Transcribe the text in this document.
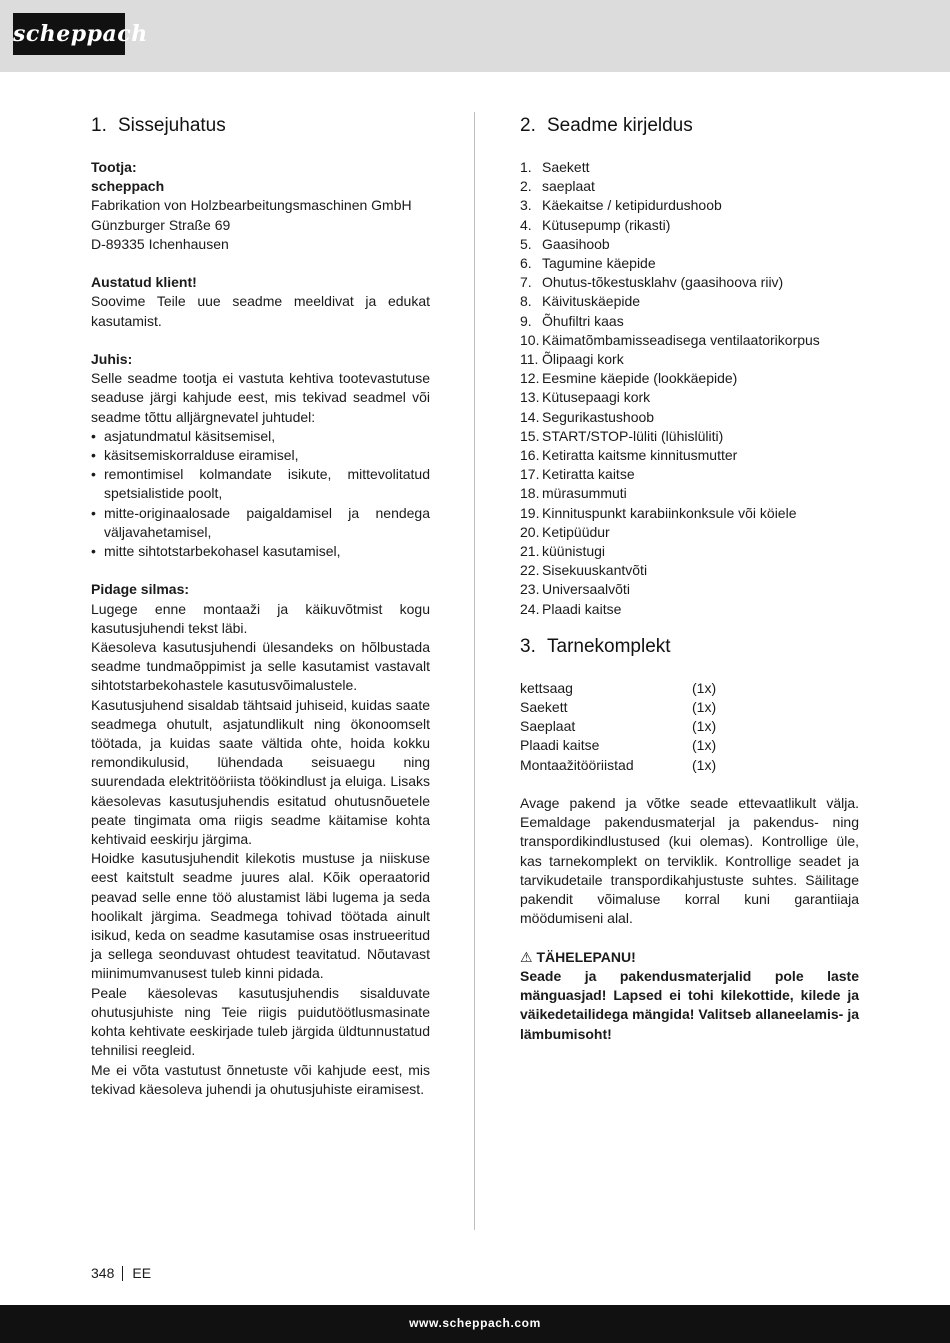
scheppach
1. Sissejuhatus
Tootja:
scheppach
Fabrikation von Holzbearbeitungsmaschinen GmbH
Günzburger Straße 69
D-89335 Ichenhausen
Austatud klient!
Soovime Teile uue seadme meeldivat ja edukat kasutamist.
Juhis:
Selle seadme tootja ei vastuta kehtiva tootevastutuse seaduse järgi kahjude eest, mis tekivad seadmel või seadme tõttu alljärgnevatel juhtudel:
• asjatundmatul käsitsemisel,
• käsitsemiskorralduse eiramisel,
• remontimisel kolmandate isikute, mittevolitatud spetsialistide poolt,
• mitte-originaalosade paigaldamisel ja nendega väljavahetamisel,
• mitte sihtotstarbekohasel kasutamisel,
Pidage silmas:
Lugege enne montaaži ja käikuvõtmist kogu kasutusjuhendi tekst läbi.
Käesoleva kasutusjuhendi ülesandeks on hõlbustada seadme tundmaõppimist ja selle kasutamist vastavalt sihtotstarbekohastele kasutusvõimalustele.
Kasutusjuhend sisaldab tähtsaid juhiseid, kuidas saate seadmega ohutult, asjatundlikult ning ökonoomselt töötada, ja kuidas saate vältida ohte, hoida kokku remondikulusid, lühendada seisuaegu ning suurendada elektritööriista töökindlust ja eluiga. Lisaks käesolevas kasutusjuhendis esitatud ohutusnõuetele peate tingimata oma riigis seadme käitamise kohta kehtivaid eeskirju järgima.
Hoidke kasutusjuhendit kilekotis mustuse ja niiskuse eest kaitstult seadme juures alal. Kõik operaatorid peavad selle enne töö alustamist läbi lugema ja seda hoolikalt järgima. Seadmega tohivad töötada ainult isikud, keda on seadme kasutamise osas instrueeritud ja sellega seonduvast ohtudest teavitatud. Nõutavast miinimumvanusest tuleb kinni pidada.
Peale käesolevas kasutusjuhendis sisalduvate ohutusjuhiste ning Teie riigis puidutöötlusmasinate kohta kehtivate eeskirjade tuleb järgida üldtunnustatud tehnilisi reegleid.
Me ei võta vastutust õnnetuste või kahjude eest, mis tekivad käesoleva juhendi ja ohutusjuhiste eiramisest.
2. Seadme kirjeldus
1. Saekett
2. saeplaat
3. Käekaitse / ketipidurdushoob
4. Kütusepump (rikasti)
5. Gaasihoob
6. Tagumine käepide
7. Ohutus-tõkestusklahv (gaasihoova riiv)
8. Käivituskäepide
9. Õhufiltri kaas
10. Käimatõmbamisseadisega ventilaatorikorpus
11. Õlipaagi kork
12. Eesmine käepide (lookkäepide)
13. Kütusepaagi kork
14. Segurikastushoob
15. START/STOP-lüliti (lühislüliti)
16. Ketiratta kaitsme kinnitusmutter
17. Ketiratta kaitse
18. mürasummuti
19. Kinnituspunkt karabiinkonksule või köiele
20. Ketipüüdur
21. küünistugi
22. Sisekuuskantvõti
23. Universaalvõti
24. Plaadi kaitse
3. Tarnekomplekt
kettsaag	(1x)
Saekett	(1x)
Saeplaat	(1x)
Plaadi kaitse	(1x)
Montaažitööriistad	(1x)
Avage pakend ja võtke seade ettevaatlikult välja. Eemaldage pakendusmaterjal ja pakendus- ning transpordikindlustused (kui olemas). Kontrollige üle, kas tarnekomplekt on terviklik. Kontrollige seadet ja tarvikudetaile transpordikahjustuste suhtes. Säilitage pakendit võimaluse korral kuni garantiiaja möödumiseni alal.
⚠ TÄHELEPANU!
Seade ja pakendusmaterjalid pole laste mänguasjad! Lapsed ei tohi kilekottide, kilede ja väikedetailidega mängida! Valitseb allaneelamis- ja lämbumisoht!
348 EE
www.scheppach.com
